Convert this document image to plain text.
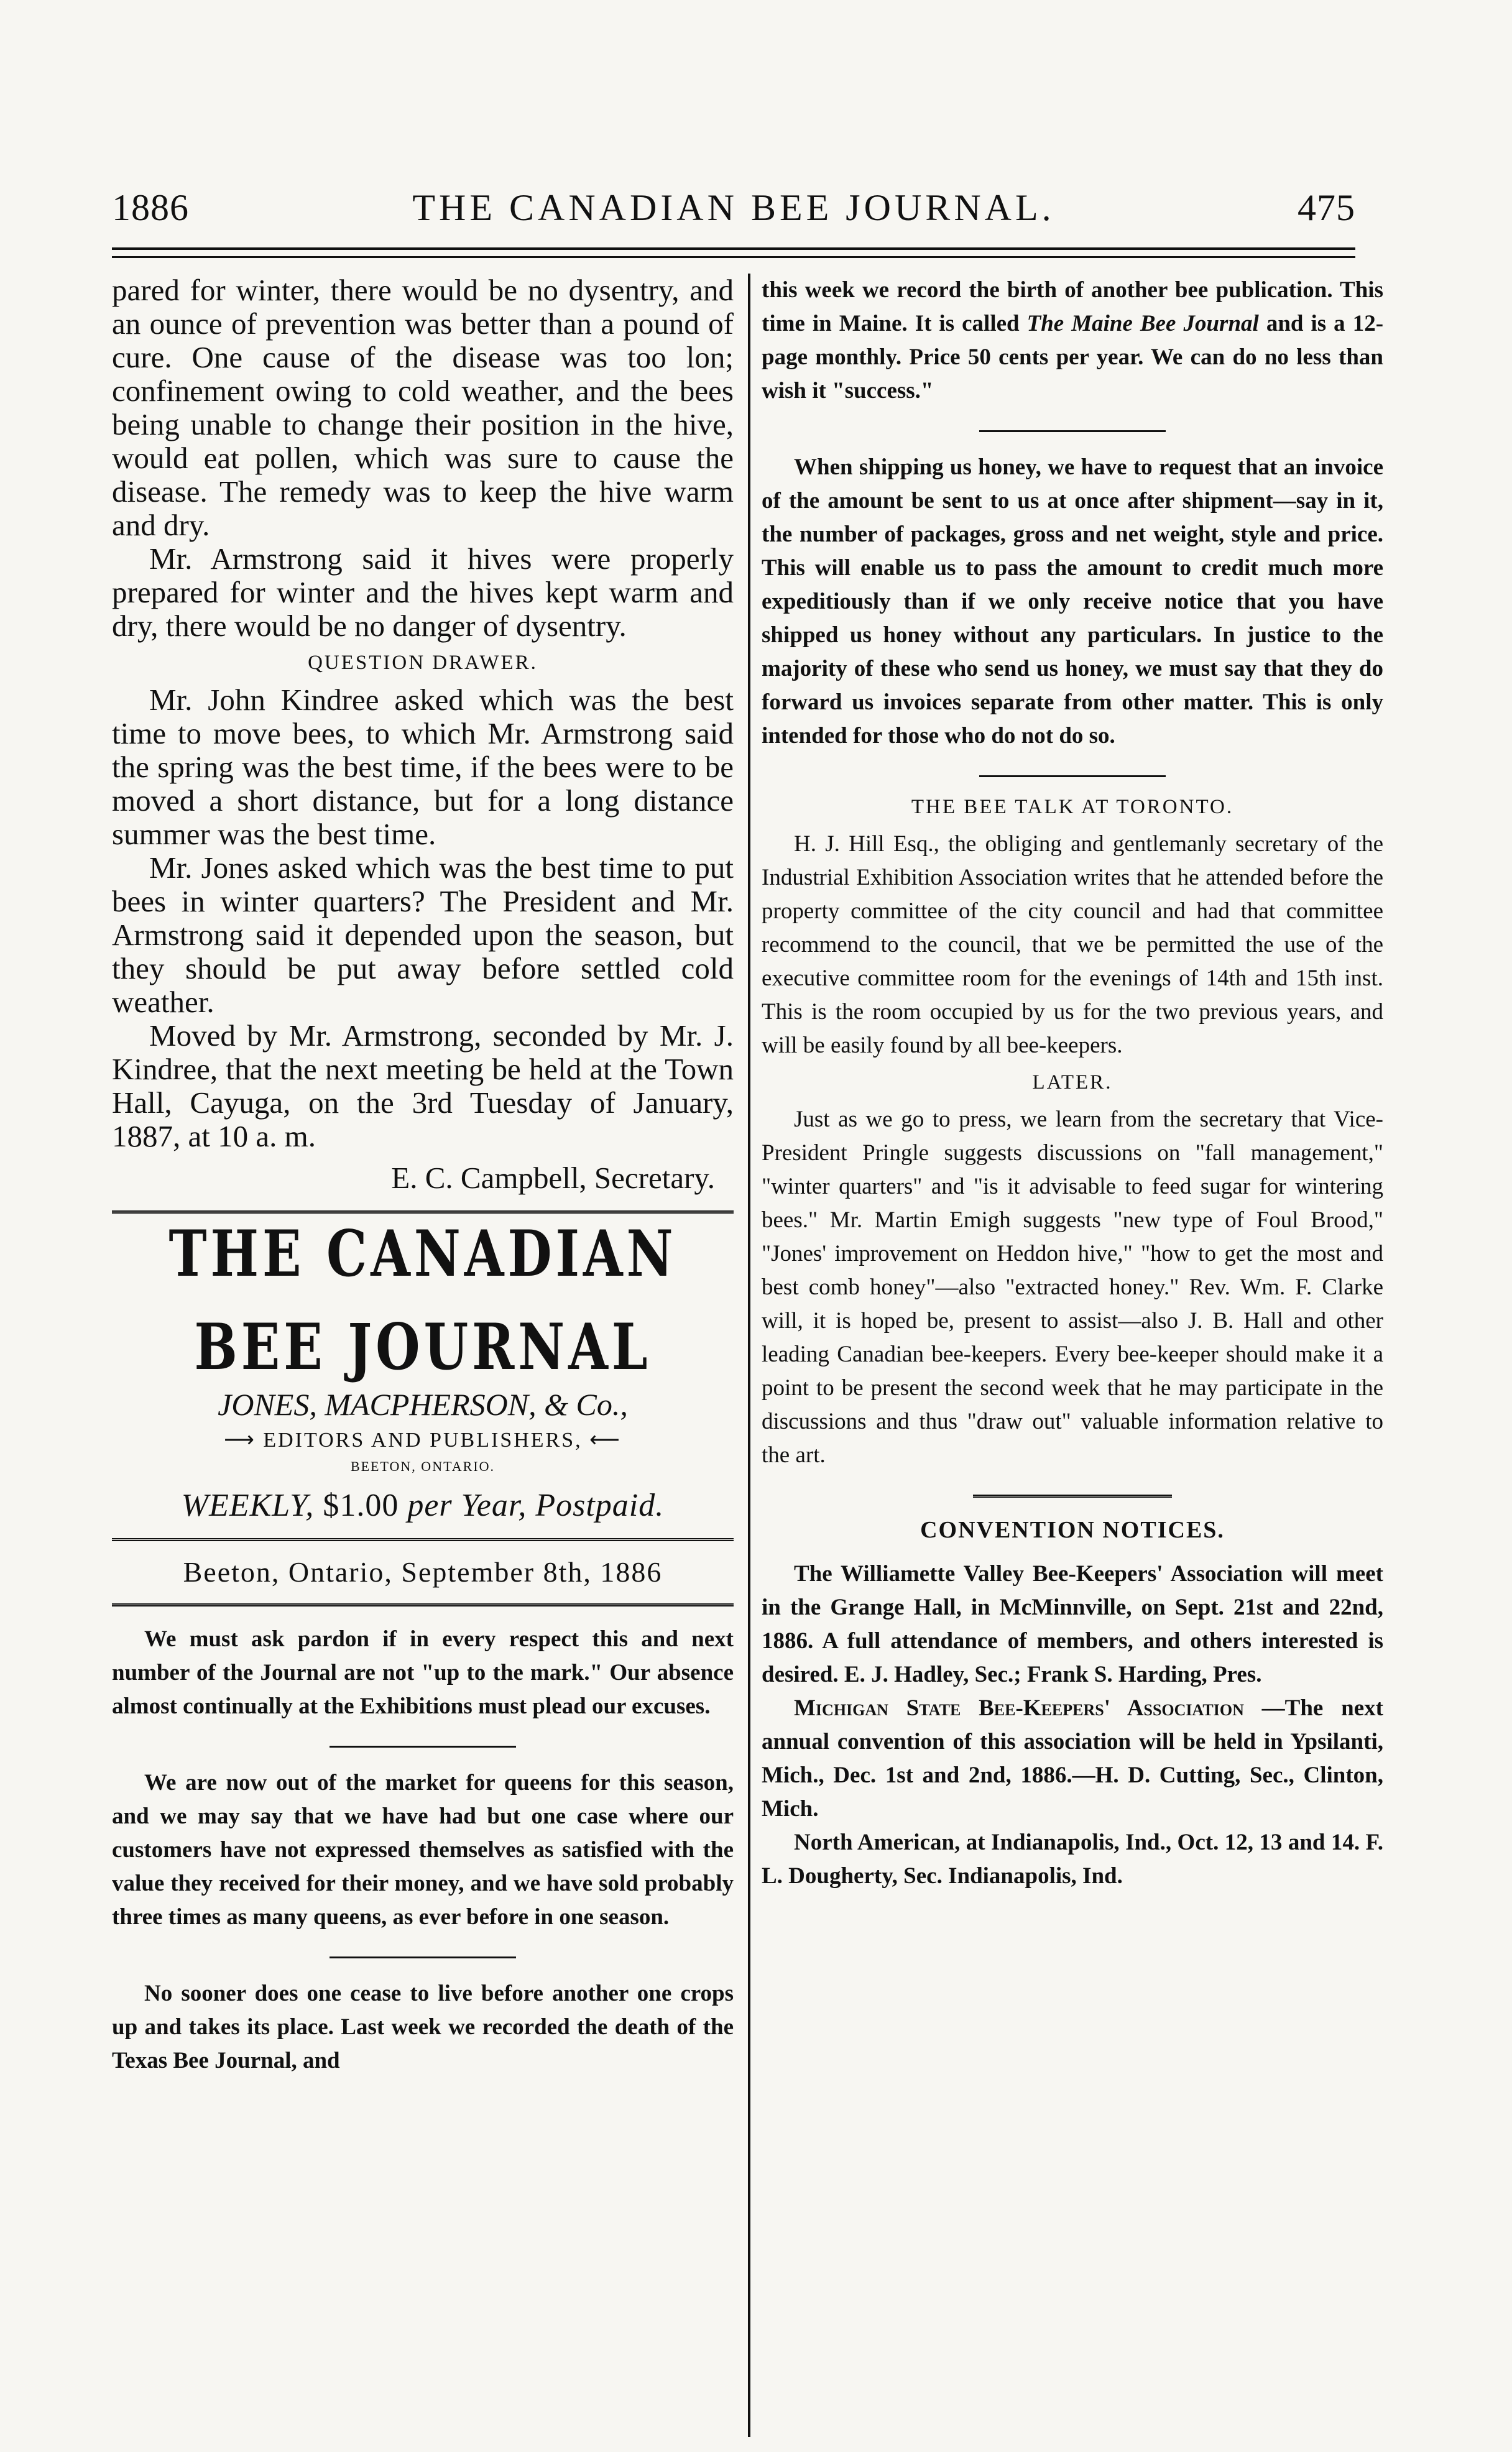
1886	THE CANADIAN BEE JOURNAL.	475

pared for winter, there would be no dysentry, and an ounce of prevention was better than a pound of cure. One cause of the disease was too lon; confinement owing to cold weather, and the bees being unable to change their position in the hive, would eat pollen, which was sure to cause the disease. The remedy was to keep the hive warm and dry.

Mr. Armstrong said it hives were properly prepared for winter and the hives kept warm and dry, there would be no danger of dysentry.

QUESTION DRAWER.

Mr. John Kindree asked which was the best time to move bees, to which Mr. Armstrong said the spring was the best time, if the bees were to be moved a short distance, but for a long distance summer was the best time.

Mr. Jones asked which was the best time to put bees in winter quarters? The President and Mr. Armstrong said it depended upon the season, but they should be put away before settled cold weather.

Moved by Mr. Armstrong, seconded by Mr. J. Kindree, that the next meeting be held at the Town Hall, Cayuga, on the 3rd Tuesday of January, 1887, at 10 a. m.

E. C. Campbell, Secretary.
THE CANADIAN BEE JOURNAL
JONES, MACPHERSON, & Co.,
⟶ EDITORS AND PUBLISHERS, ⟵
BEETON, ONTARIO.
WEEKLY, $1.00 per Year, Postpaid.
Beeton, Ontario, September 8th, 1886

We must ask pardon if in every respect this and next number of the Journal are not "up to the mark." Our absence almost continually at the Exhibitions must plead our excuses.

We are now out of the market for queens for this season, and we may say that we have had but one case where our customers have not expressed themselves as satisfied with the value they received for their money, and we have sold probably three times as many queens, as ever before in one season.

No sooner does one cease to live before another one crops up and takes its place. Last week we recorded the death of the Texas Bee Journal, and

this week we record the birth of another bee publication. This time in Maine. It is called The Maine Bee Journal and is a 12-page monthly. Price 50 cents per year. We can do no less than wish it "success."

When shipping us honey, we have to request that an invoice of the amount be sent to us at once after shipment—say in it, the number of packages, gross and net weight, style and price. This will enable us to pass the amount to credit much more expeditiously than if we only receive notice that you have shipped us honey without any particulars. In justice to the majority of these who send us honey, we must say that they do forward us invoices separate from other matter. This is only intended for those who do not do so.

THE BEE TALK AT TORONTO.

H. J. Hill Esq., the obliging and gentlemanly secretary of the Industrial Exhibition Association writes that he attended before the property committee of the city council and had that committee recommend to the council, that we be permitted the use of the executive committee room for the evenings of 14th and 15th inst. This is the room occupied by us for the two previous years, and will be easily found by all bee-keepers.

LATER.

Just as we go to press, we learn from the secretary that Vice-President Pringle suggests discussions on "fall management," "winter quarters" and "is it advisable to feed sugar for wintering bees." Mr. Martin Emigh suggests "new type of Foul Brood," "Jones' improvement on Heddon hive," "how to get the most and best comb honey"—also "extracted honey." Rev. Wm. F. Clarke will, it is hoped be, present to assist—also J. B. Hall and other leading Canadian bee-keepers. Every bee-keeper should make it a point to be present the second week that he may participate in the discussions and thus "draw out" valuable information relative to the art.

CONVENTION NOTICES.

The Williamette Valley Bee-Keepers' Association will meet in the Grange Hall, in McMinnville, on Sept. 21st and 22nd, 1886. A full attendance of members, and others interested is desired. E. J. Hadley, Sec.; Frank S. Harding, Pres.

Michigan State Bee-Keepers' Association —The next annual convention of this association will be held in Ypsilanti, Mich., Dec. 1st and 2nd, 1886.—H. D. Cutting, Sec., Clinton, Mich.

North American, at Indianapolis, Ind., Oct. 12, 13 and 14. F. L. Dougherty, Sec. Indianapolis, Ind.
